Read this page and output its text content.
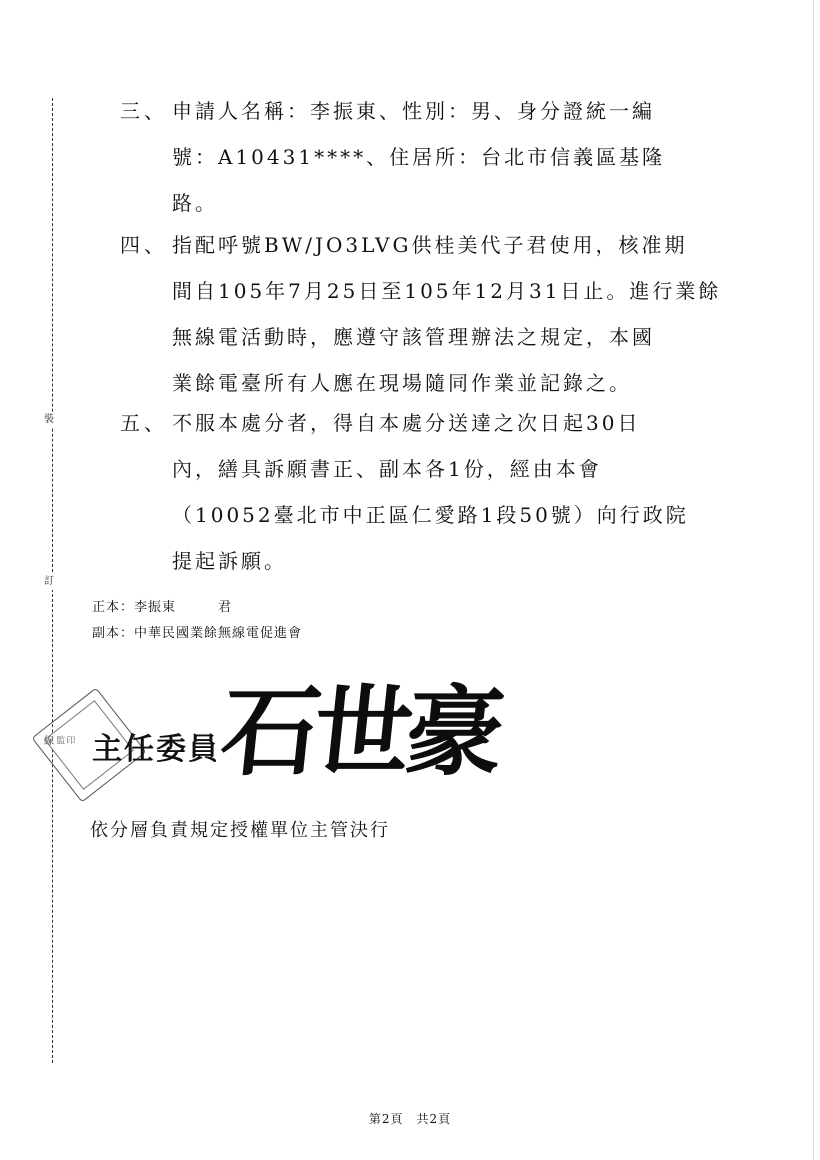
裝
訂
線
三、 申請人名稱：李振東、性別：男、身分證統一編
號：A10431****、住居所：台北市信義區基隆
路。
四、 指配呼號BW/JO3LVG供桂美代子君使用，核准期
間自105年7月25日至105年12月31日止。進行業餘
無線電活動時，應遵守該管理辦法之規定，本國
業餘電臺所有人應在現場隨同作業並記錄之。
五、 不服本處分者，得自本處分送達之次日起30日
內，繕具訴願書正、副本各1份，經由本會
（10052臺北市中正區仁愛路1段50號）向行政院
提起訴願。
正本：李振東　　　君
副本：中華民國業餘無線電促進會
監印 主任委員
石世豪
依分層負責規定授權單位主管決行
第2頁　共2頁
